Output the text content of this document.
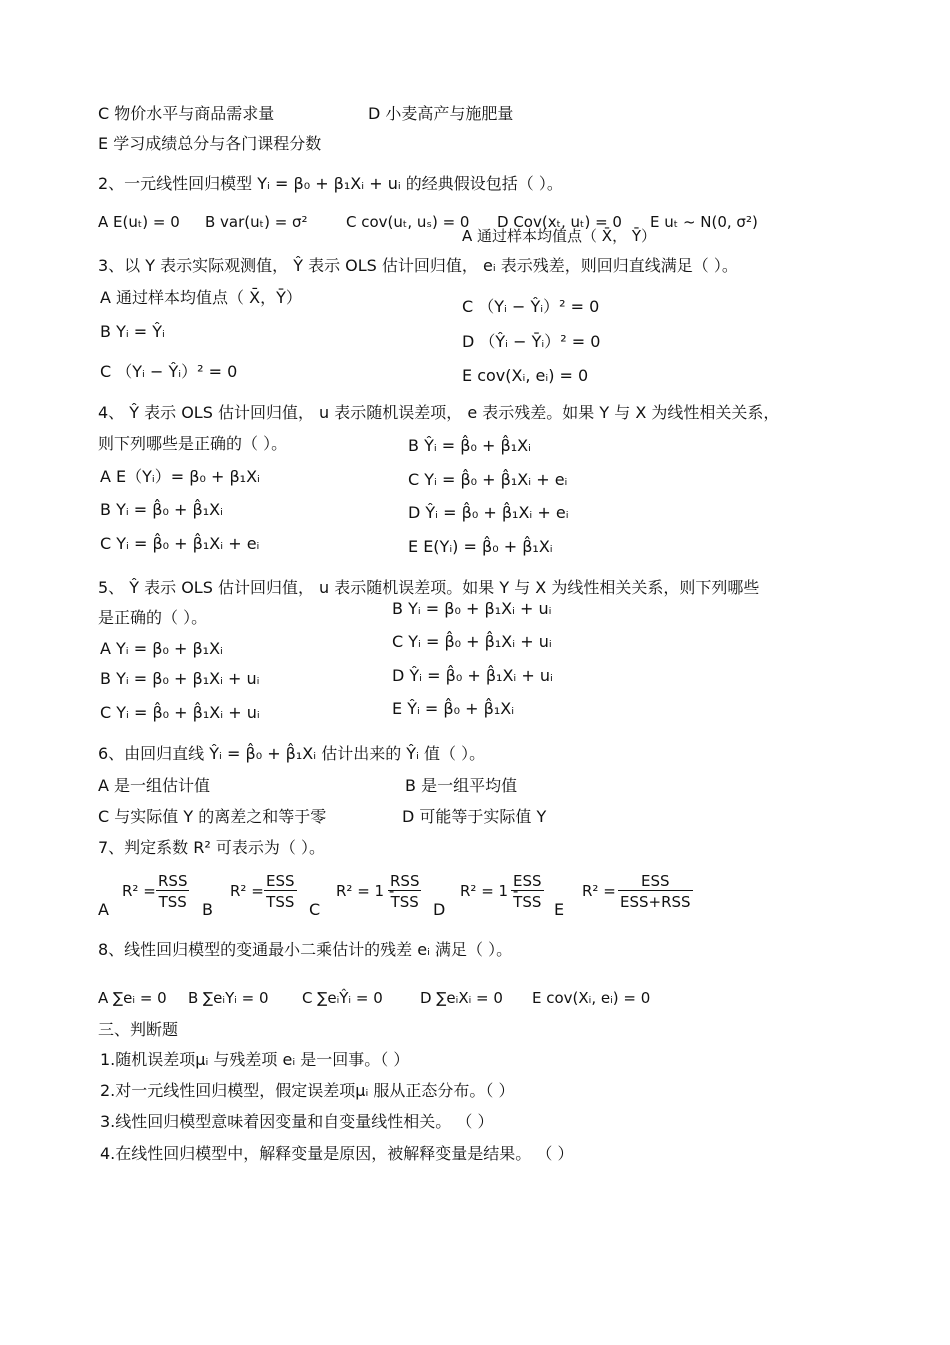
C 物价水平与商品需求量	D 小麦高产与施肥量
E 学习成绩总分与各门课程分数
2、一元线性回归模型 Yᵢ = β₀ + β₁Xᵢ + uᵢ 的经典假设包括（ ）。
A E(uₜ) = 0 B var(uₜ) = σ²	C cov(uₜ, uₛ) = 0 D Cov(xₜ, uₜ) = 0 E uₜ ~ N(0, σ²)
A 通过样本均值点（ X̄， Ȳ）
3、以 Y 表示实际观测值， Ŷ 表示 OLS 估计回归值， eᵢ 表示残差，则回归直线满足（ ）。
A 通过样本均值点（ X̄，Ȳ）	C （Yᵢ − Ŷᵢ）² = 0
B Yᵢ = Ŷᵢ
D （Ŷᵢ − Ȳᵢ）² = 0
C （Yᵢ − Ŷᵢ）² = 0	E cov(Xᵢ, eᵢ) = 0
4、 Ŷ 表示 OLS 估计回归值， u 表示随机误差项， e 表示残差。如果 Y 与 X 为线性相关关系，
则下列哪些是正确的（ ）。	B Ŷᵢ = β̂₀ + β̂₁Xᵢ
A E（Yᵢ）= β₀ + β₁Xᵢ	C Yᵢ = β̂₀ + β̂₁Xᵢ + eᵢ
B Yᵢ = β̂₀ + β̂₁Xᵢ	D Ŷᵢ = β̂₀ + β̂₁Xᵢ + eᵢ
C Yᵢ = β̂₀ + β̂₁Xᵢ + eᵢ	E E(Yᵢ) = β̂₀ + β̂₁Xᵢ
5、 Ŷ 表示 OLS 估计回归值， u 表示随机误差项。如果 Y 与 X 为线性相关关系，则下列哪些
是正确的（ ）。	B Yᵢ = β₀ + β₁Xᵢ + uᵢ
A Yᵢ = β₀ + β₁Xᵢ	C Yᵢ = β̂₀ + β̂₁Xᵢ + uᵢ
B Yᵢ = β₀ + β₁Xᵢ + uᵢ	D Ŷᵢ = β̂₀ + β̂₁Xᵢ + uᵢ
C Yᵢ = β̂₀ + β̂₁Xᵢ + uᵢ	E Ŷᵢ = β̂₀ + β̂₁Xᵢ
6、由回归直线 Ŷᵢ = β̂₀ + β̂₁Xᵢ 估计出来的 Ŷᵢ 值（ ）。
A 是一组估计值	B 是一组平均值
C 与实际值 Y 的离差之和等于零	D 可能等于实际值 Y
7、判定系数 R² 可表示为（ ）。
A
R² =
RSS
TSS B
R² =
ESS
TSS C
R² = 1 -
RSS
TSS D
R² = 1 -
ESS
TSS E
R² =
ESS
ESS+RSS
8、线性回归模型的变通最小二乘估计的残差 eᵢ 满足（ ）。
A ∑eᵢ = 0 B ∑eᵢYᵢ = 0 C ∑eᵢŶᵢ = 0 D ∑eᵢXᵢ = 0 E cov(Xᵢ, eᵢ) = 0
三、判断题
1.随机误差项μᵢ 与残差项 eᵢ 是一回事。（ ）
2.对一元线性回归模型，假定误差项μᵢ 服从正态分布。（ ）
3.线性回归模型意味着因变量和自变量线性相关。 （ ）
4.在线性回归模型中，解释变量是原因，被解释变量是结果。 （ ）
